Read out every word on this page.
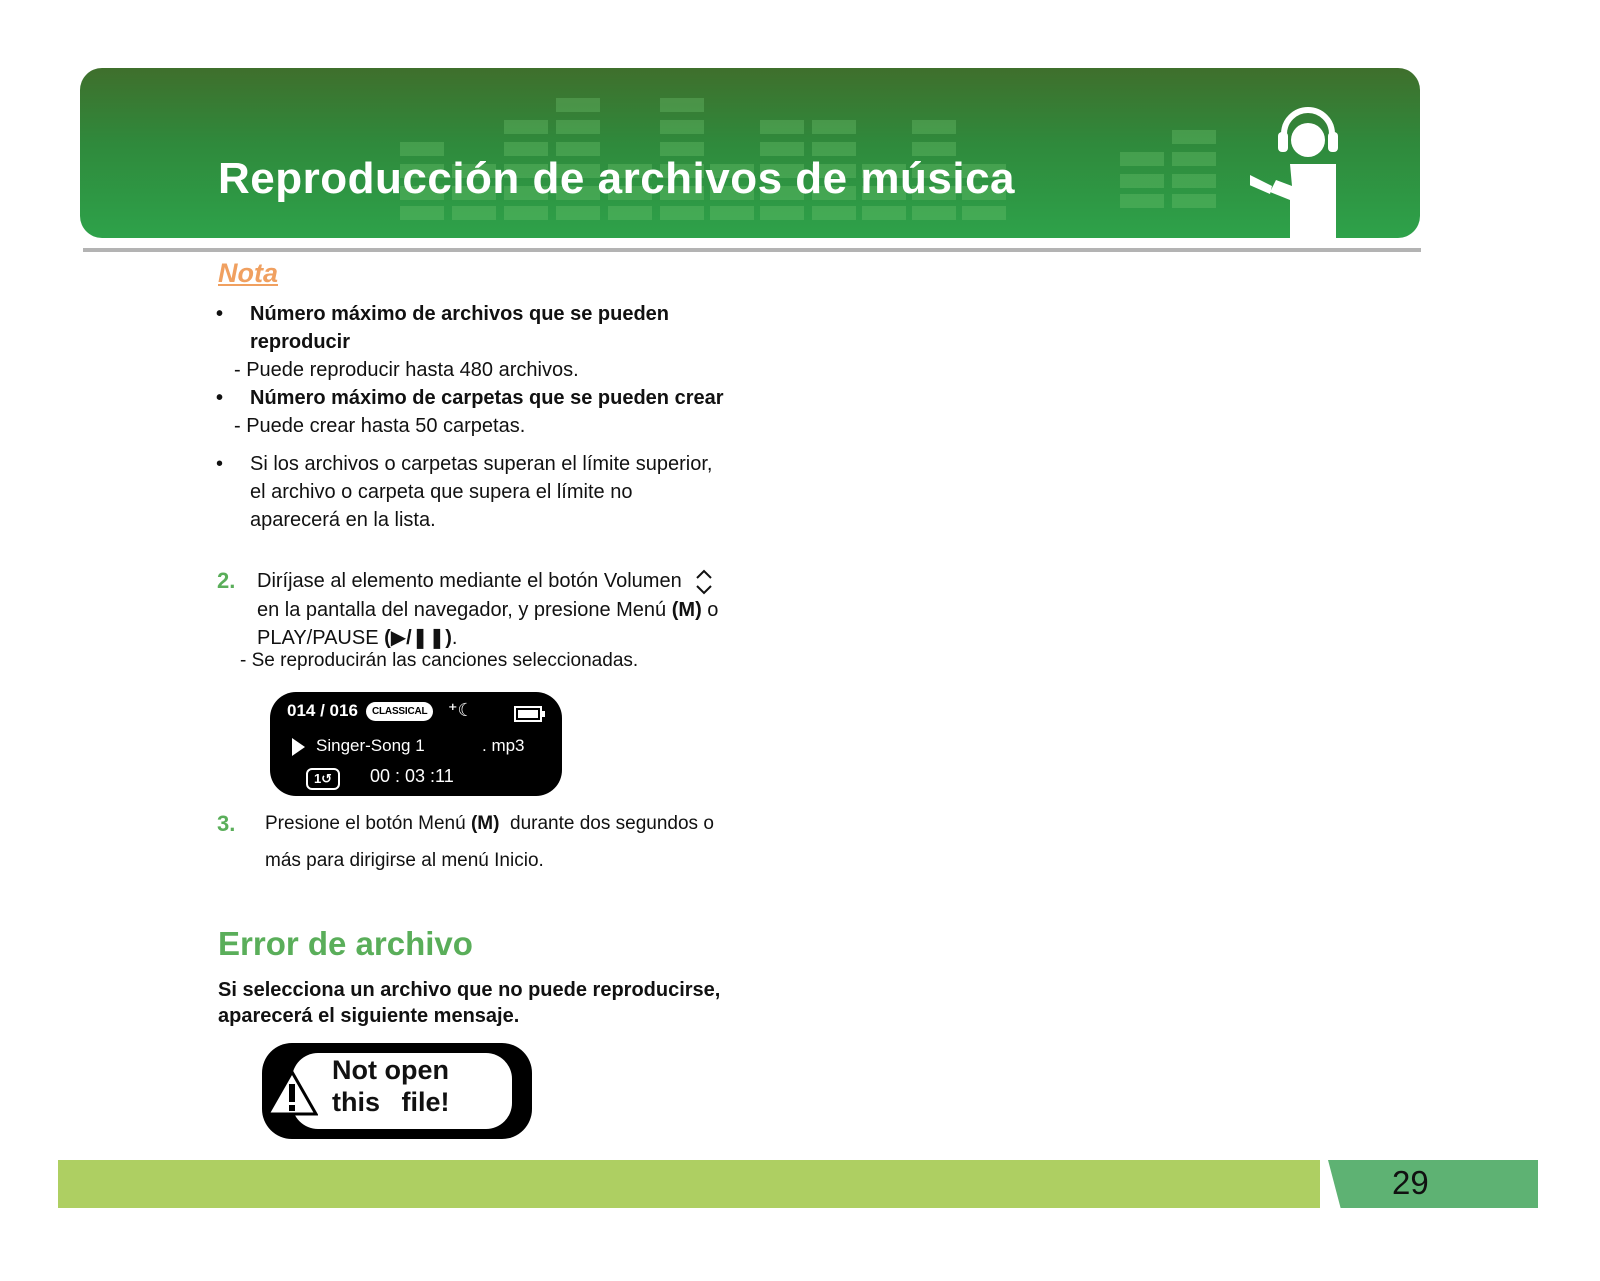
Reproducción de archivos de música
Nota
• Número máximo de archivos que se pueden
reproducir
- Puede reproducir hasta 480 archivos.
• Número máximo de carpetas que se pueden crear
- Puede crear hasta 50 carpetas.
• Si los archivos o carpetas superan el límite superior,
el archivo o carpeta que supera el límite no
aparecerá en la lista.
2. Diríjase al elemento mediante el botón Volumen
en la pantalla del navegador, y presione Menú (M) o
PLAY/PAUSE (▶/❚❚).
- Se reproducirán las canciones seleccionadas.
014 / 016	CLASSICAL	⁺☾
Singer-Song 1	. mp3
1↺	00 : 03 :11
3. Presione el botón Menú (M) durante dos segundos o
más para dirigirse al menú Inicio.
Error de archivo
Si selecciona un archivo que no puede reproducirse,
aparecerá el siguiente mensaje.
Not open
this file!
29
